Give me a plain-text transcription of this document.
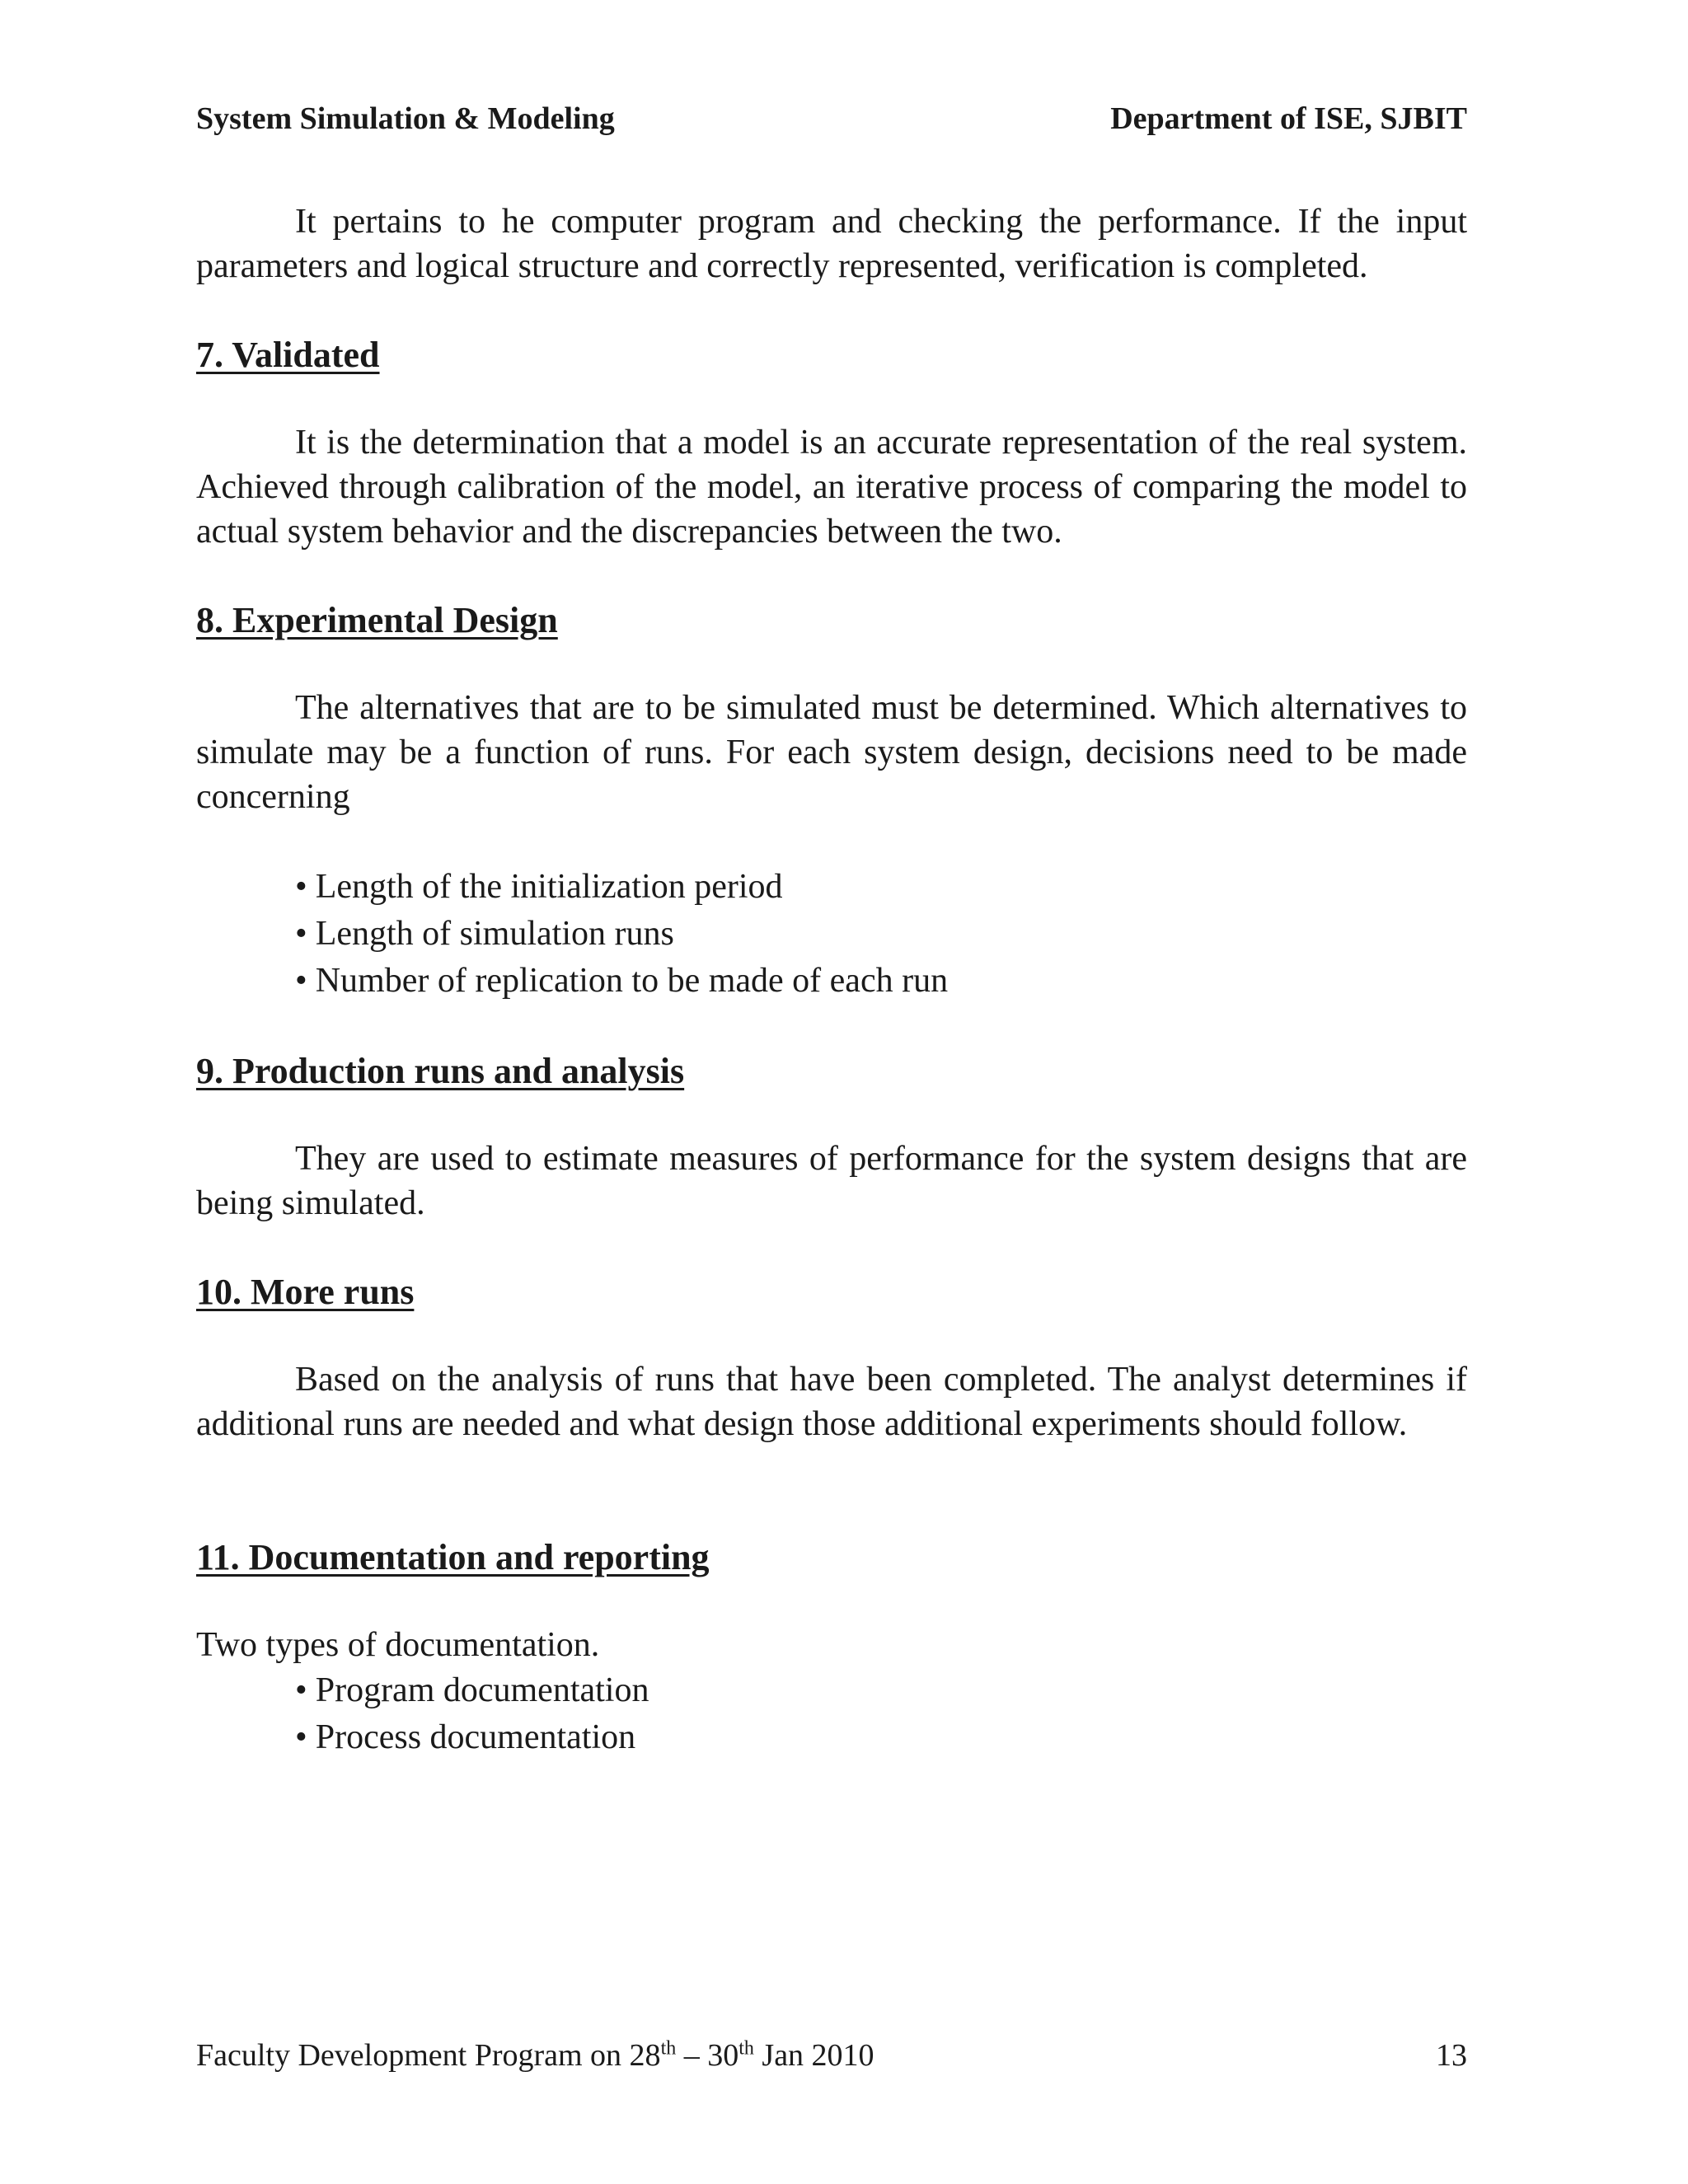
System Simulation & Modeling	Department of ISE, SJBIT

It pertains to he computer program and checking the performance. If the input parameters and logical structure and correctly represented, verification is completed.

7. Validated

It is the determination that a model is an accurate representation of the real system. Achieved through calibration of the model, an iterative process of comparing the model to actual system behavior and the discrepancies between the two.

8. Experimental Design

The alternatives that are to be simulated must be determined. Which alternatives to simulate may be a function of runs. For each system design, decisions need to be made concerning

• Length of the initialization period
• Length of simulation runs
• Number of replication to be made of each run
9. Production runs and analysis

They are used to estimate measures of performance for the system designs that are being simulated.

10. More runs

Based on the analysis of runs that have been completed. The analyst determines if additional runs are needed and what design those additional experiments should follow.

11. Documentation and reporting

Two types of documentation.

• Program documentation
• Process documentation
Faculty Development Program on 28th – 30th Jan 2010	13
